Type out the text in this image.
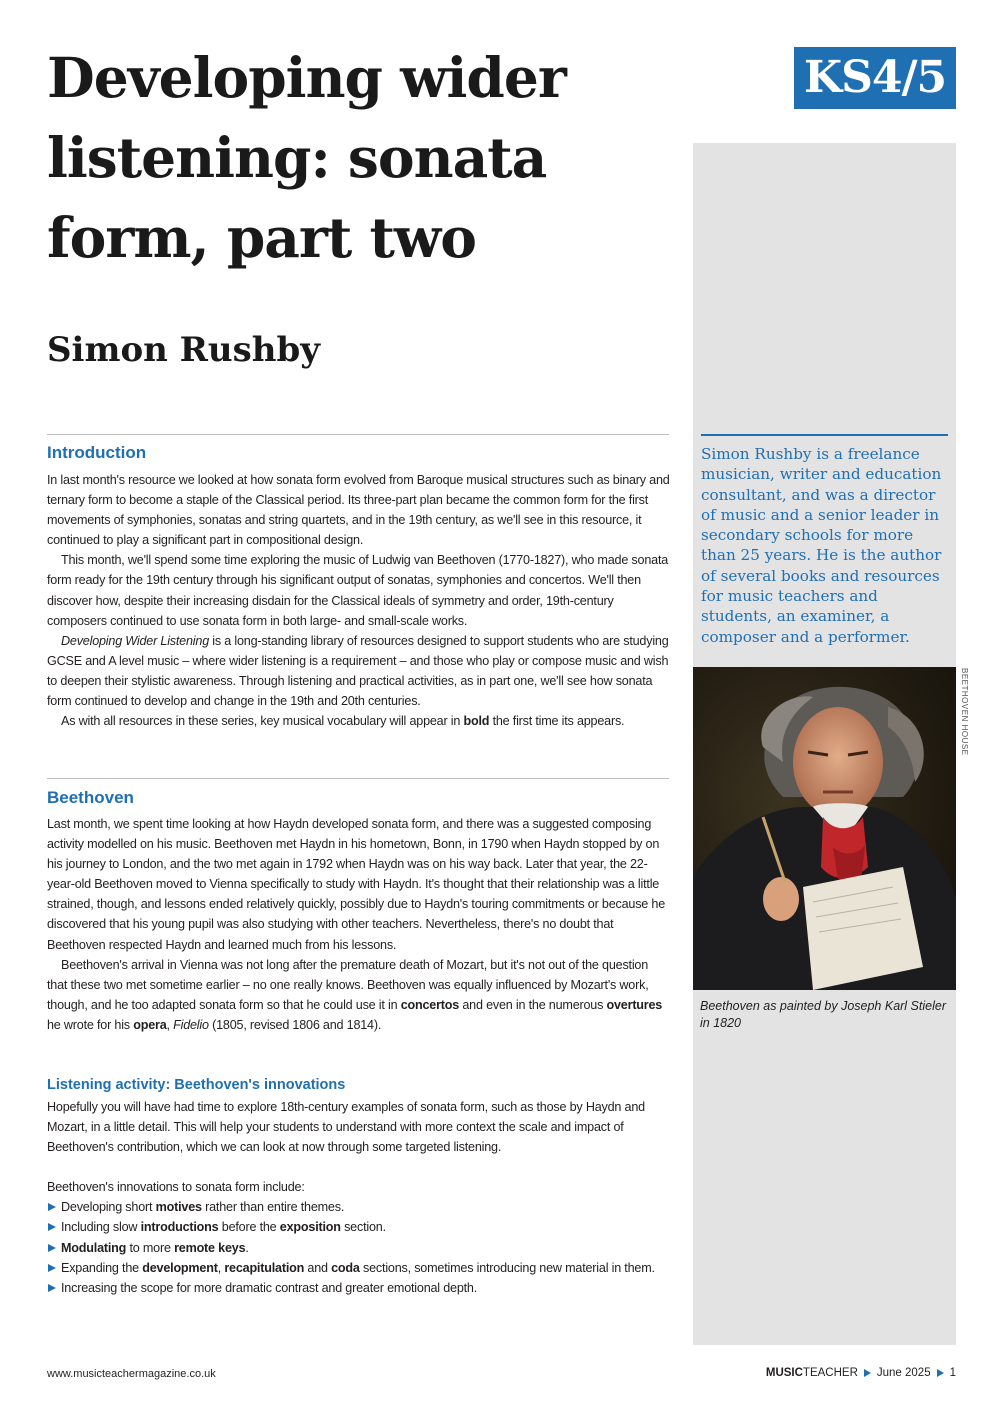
Developing wider listening: sonata form, part two
KS4/5
Simon Rushby

Simon Rushby is a freelance musician, writer and education consultant, and was a director of music and a senior leader in secondary schools for more than 25 years. He is the author of several books and resources for music teachers and students, an examiner, a composer and a performer.

BEETHOVEN HOUSE

Beethoven as painted by Joseph Karl Stieler in 1820

Introduction

In last month's resource we looked at how sonata form evolved from Baroque musical structures such as binary and ternary form to become a staple of the Classical period. Its three-part plan became the common form for the first movements of symphonies, sonatas and string quartets, and in the 19th century, as we'll see in this resource, it continued to play a significant part in compositional design.

This month, we'll spend some time exploring the music of Ludwig van Beethoven (1770-1827), who made sonata form ready for the 19th century through his significant output of sonatas, symphonies and concertos. We'll then discover how, despite their increasing disdain for the Classical ideals of symmetry and order, 19th-century composers continued to use sonata form in both large- and small-scale works.

Developing Wider Listening is a long-standing library of resources designed to support students who are studying GCSE and A level music – where wider listening is a requirement – and those who play or compose music and wish to deepen their stylistic awareness. Through listening and practical activities, as in part one, we'll see how sonata form continued to develop and change in the 19th and 20th centuries.

As with all resources in these series, key musical vocabulary will appear in bold the first time its appears.

Beethoven

Last month, we spent time looking at how Haydn developed sonata form, and there was a suggested composing activity modelled on his music. Beethoven met Haydn in his hometown, Bonn, in 1790 when Haydn stopped by on his journey to London, and the two met again in 1792 when Haydn was on his way back. Later that year, the 22-year-old Beethoven moved to Vienna specifically to study with Haydn. It's thought that their relationship was a little strained, though, and lessons ended relatively quickly, possibly due to Haydn's touring commitments or because he discovered that his young pupil was also studying with other teachers. Nevertheless, there's no doubt that Beethoven respected Haydn and learned much from his lessons.

Beethoven's arrival in Vienna was not long after the premature death of Mozart, but it's not out of the question that these two met sometime earlier – no one really knows. Beethoven was equally influenced by Mozart's work, though, and he too adapted sonata form so that he could use it in concertos and even in the numerous overtures he wrote for his opera, Fidelio (1805, revised 1806 and 1814).

Listening activity: Beethoven's innovations

Hopefully you will have had time to explore 18th-century examples of sonata form, such as those by Haydn and Mozart, in a little detail. This will help your students to understand with more context the scale and impact of Beethoven's contribution, which we can look at now through some targeted listening.

Beethoven's innovations to sonata form include:

Developing short motives rather than entire themes.
Including slow introductions before the exposition section.
Modulating to more remote keys.
Expanding the development, recapitulation and coda sections, sometimes introducing new material in them.
Increasing the scope for more dramatic contrast and greater emotional depth.
www.musicteachermagazine.co.uk	MUSICTEACHER June 2025 1
